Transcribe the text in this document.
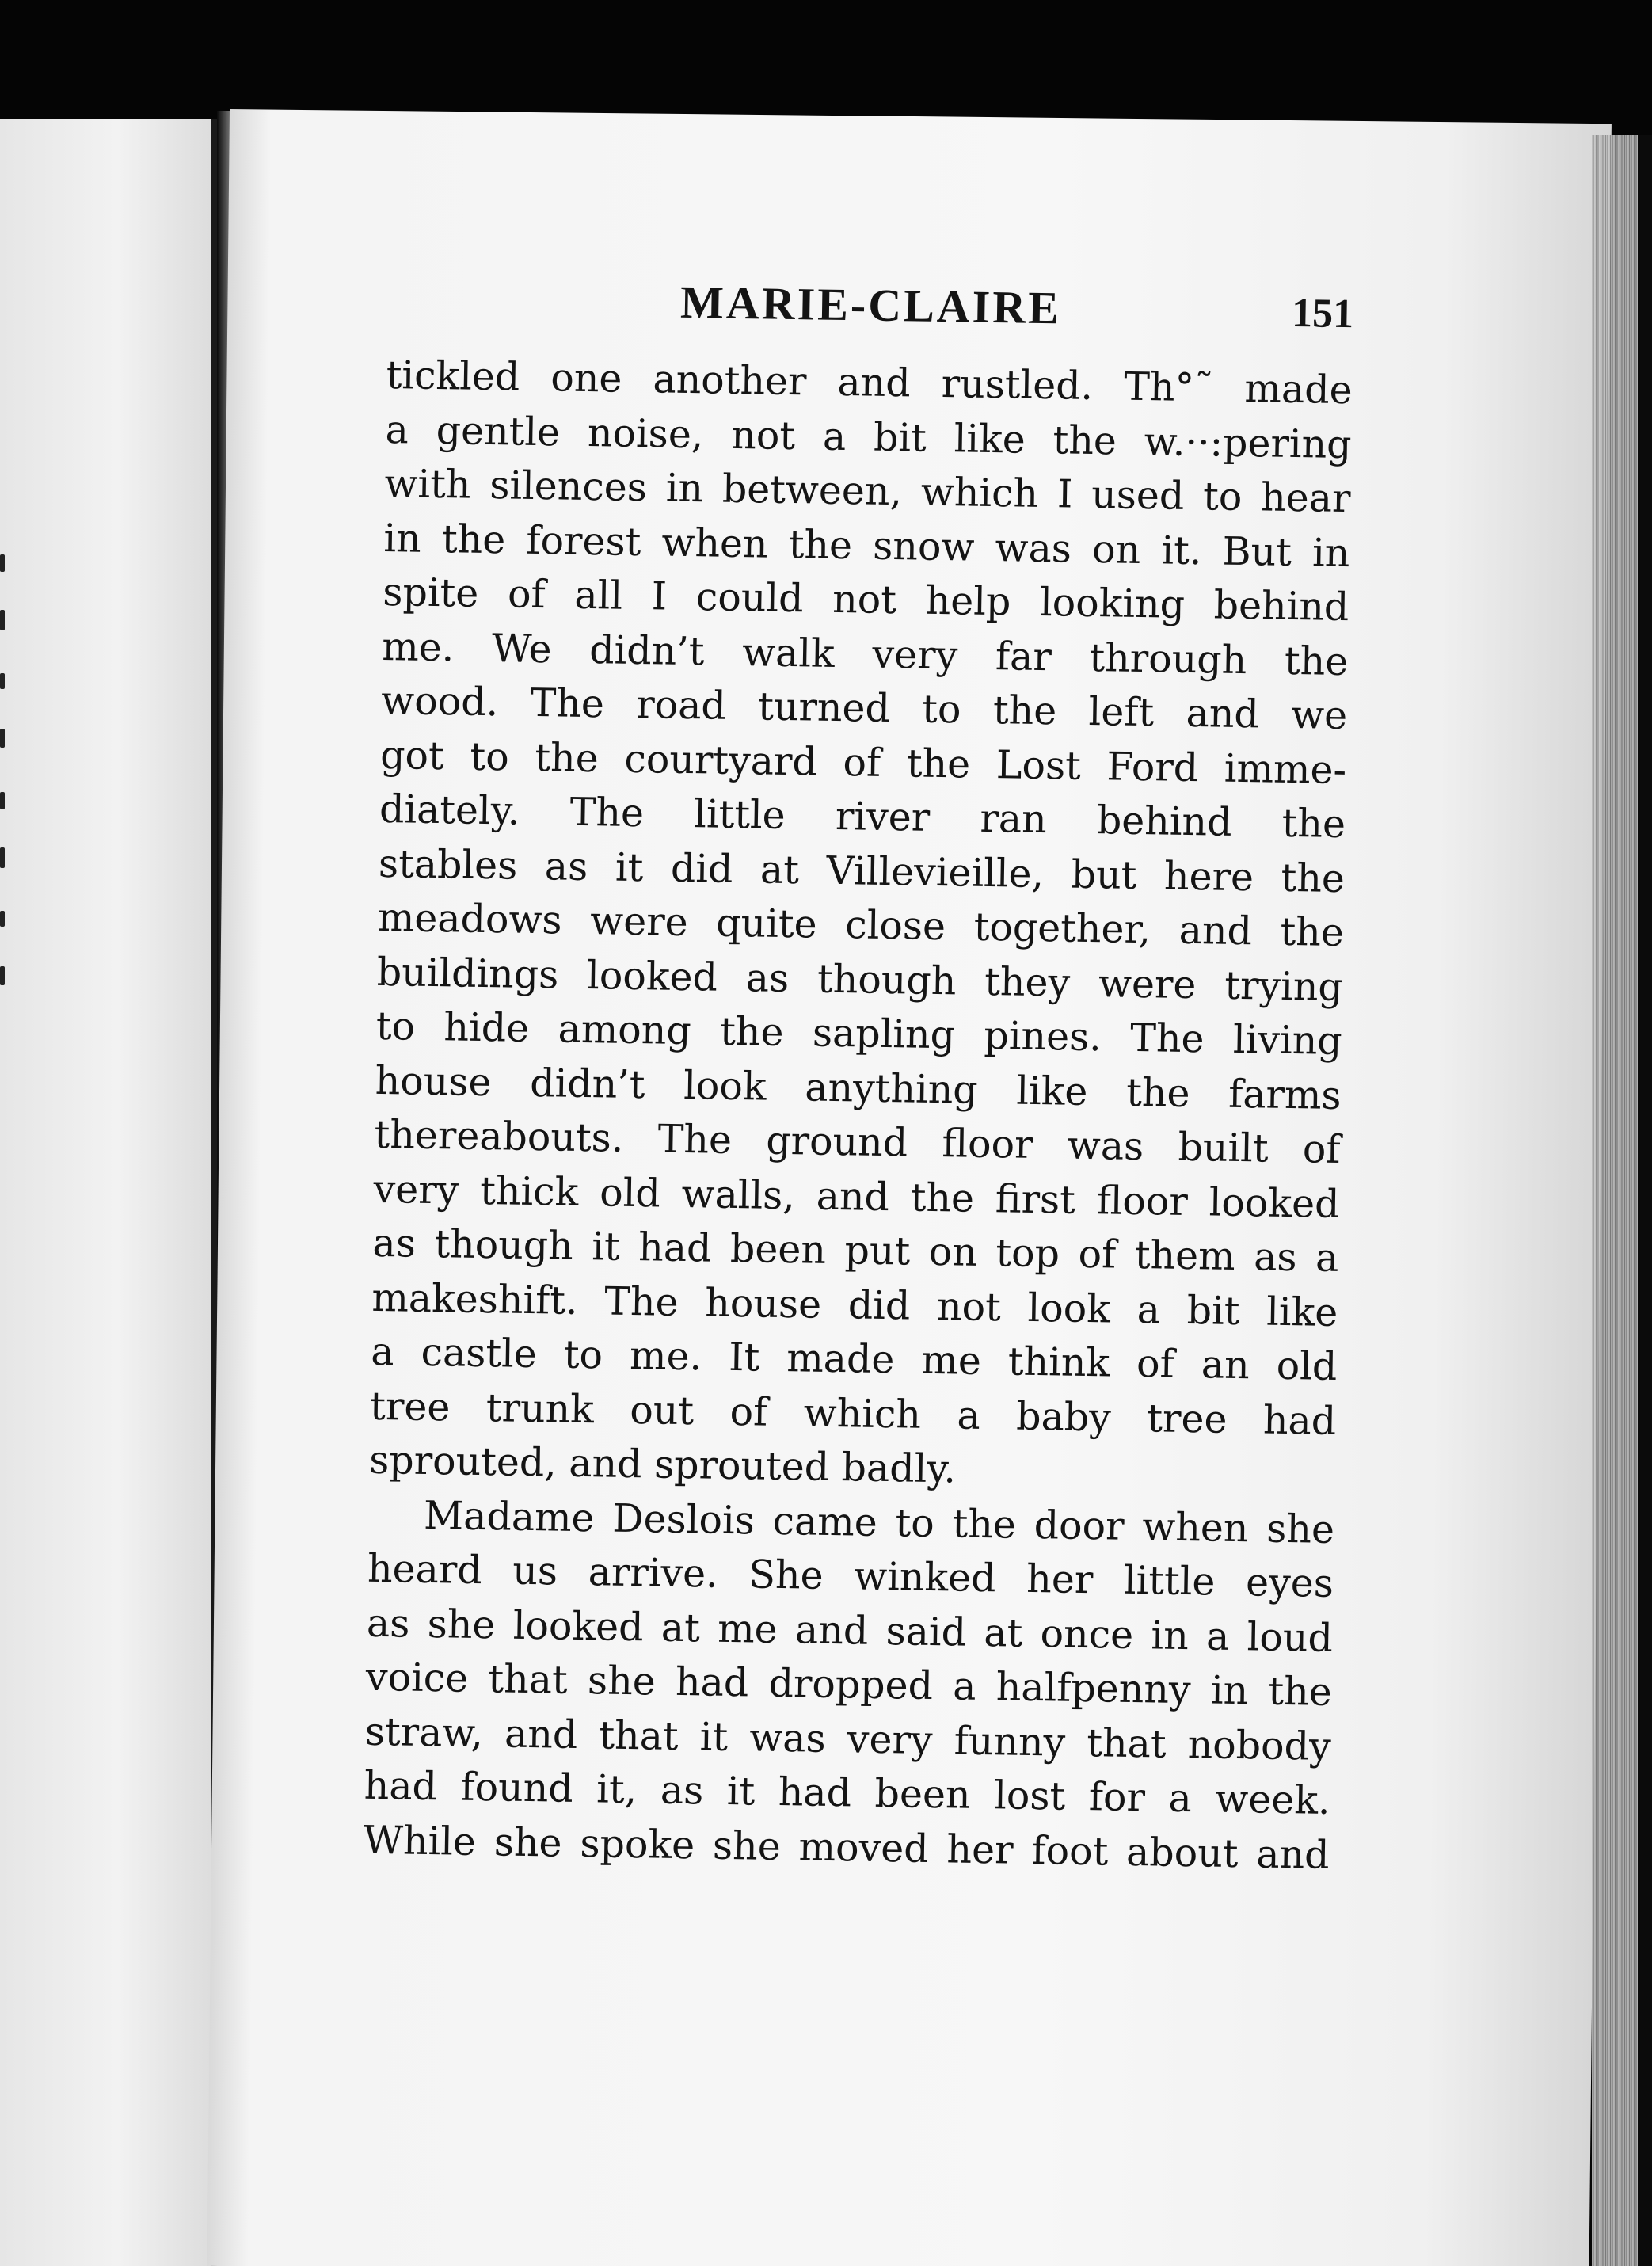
MARIE-CLAIRE	151
tickled one another and rustled. Th°˜ made
a gentle noise, not a bit like the w.··:pering
with silences in between, which I used to hear
in the forest when the snow was on it. But in
spite of all I could not help looking behind
me. We didn’t walk very far through the
wood. The road turned to the left and we
got to the courtyard of the Lost Ford imme-
diately. The little river ran behind the
stables as it did at Villevieille, but here the
meadows were quite close together, and the
buildings looked as though they were trying
to hide among the sapling pines. The living
house didn’t look anything like the farms
thereabouts. The ground floor was built of
very thick old walls, and the first floor looked
as though it had been put on top of them as a
makeshift. The house did not look a bit like
a castle to me. It made me think of an old
tree trunk out of which a baby tree had
sprouted, and sprouted badly.
Madame Deslois came to the door when she
heard us arrive. She winked her little eyes
as she looked at me and said at once in a loud
voice that she had dropped a halfpenny in the
straw, and that it was very funny that nobody
had found it, as it had been lost for a week.
While she spoke she moved her foot about and
